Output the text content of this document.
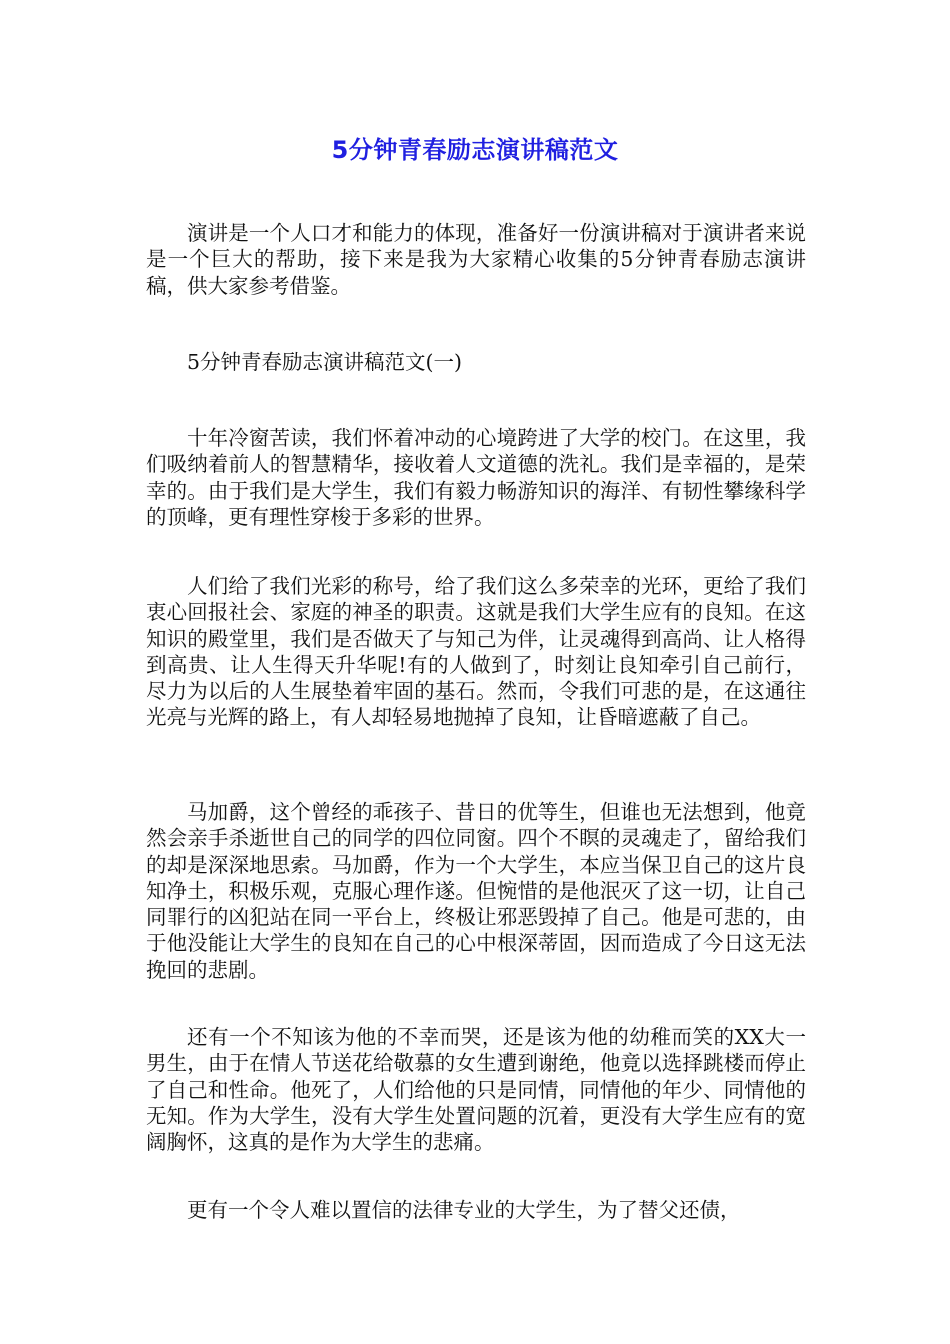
5分钟青春励志演讲稿范文

演讲是一个人口才和能力的体现，准备好一份演讲稿对于演讲者来说是一个巨大的帮助，接下来是我为大家精心收集的5分钟青春励志演讲稿，供大家参考借鉴。

5分钟青春励志演讲稿范文(一)

十年冷窗苦读，我们怀着冲动的心境跨进了大学的校门。在这里，我们吸纳着前人的智慧精华，接收着人文道德的洗礼。我们是幸福的，是荣幸的。由于我们是大学生，我们有毅力畅游知识的海洋、有韧性攀缘科学的顶峰，更有理性穿梭于多彩的世界。

人们给了我们光彩的称号，给了我们这么多荣幸的光环，更给了我们衷心回报社会、家庭的神圣的职责。这就是我们大学生应有的良知。在这知识的殿堂里，我们是否做天了与知己为伴，让灵魂得到高尚、让人格得到高贵、让人生得天升华呢!有的人做到了，时刻让良知牵引自己前行，尽力为以后的人生展垫着牢固的基石。然而，令我们可悲的是，在这通往光亮与光辉的路上，有人却轻易地抛掉了良知，让昏暗遮蔽了自己。

马加爵，这个曾经的乖孩子、昔日的优等生，但谁也无法想到，他竟然会亲手杀逝世自己的同学的四位同窗。四个不瞑的灵魂走了，留给我们的却是深深地思索。马加爵，作为一个大学生，本应当保卫自己的这片良知净土，积极乐观，克服心理作遂。但惋惜的是他泯灭了这一切，让自己同罪行的凶犯站在同一平台上，终极让邪恶毁掉了自己。他是可悲的，由于他没能让大学生的良知在自己的心中根深蒂固，因而造成了今日这无法挽回的悲剧。

还有一个不知该为他的不幸而哭，还是该为他的幼稚而笑的XX大一男生，由于在情人节送花给敬慕的女生遭到谢绝，他竟以选择跳楼而停止了自己和性命。他死了，人们给他的只是同情，同情他的年少、同情他的无知。作为大学生，没有大学生处置问题的沉着，更没有大学生应有的宽阔胸怀，这真的是作为大学生的悲痛。

更有一个令人难以置信的法律专业的大学生，为了替父还债，
